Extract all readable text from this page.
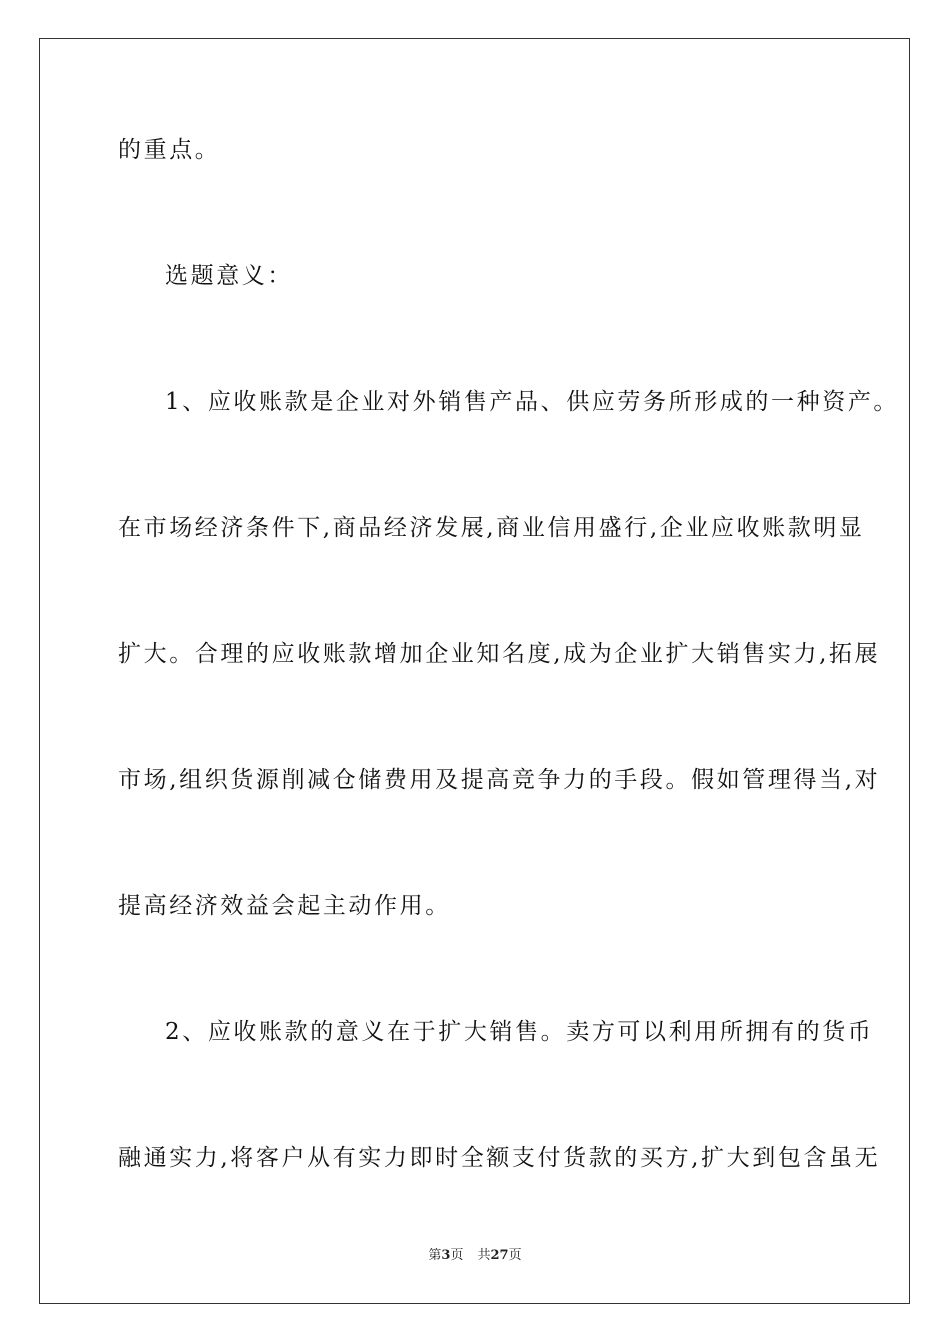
的重点。
选题意义：
1、应收账款是企业对外销售产品、供应劳务所形成的一种资产。
在市场经济条件下,商品经济发展,商业信用盛行,企业应收账款明显
扩大。合理的应收账款增加企业知名度,成为企业扩大销售实力,拓展
市场,组织货源削减仓储费用及提高竞争力的手段。假如管理得当,对
提高经济效益会起主动作用。
2、应收账款的意义在于扩大销售。卖方可以利用所拥有的货币
融通实力,将客户从有实力即时全额支付货款的买方,扩大到包含虽无
第3页 共27页
